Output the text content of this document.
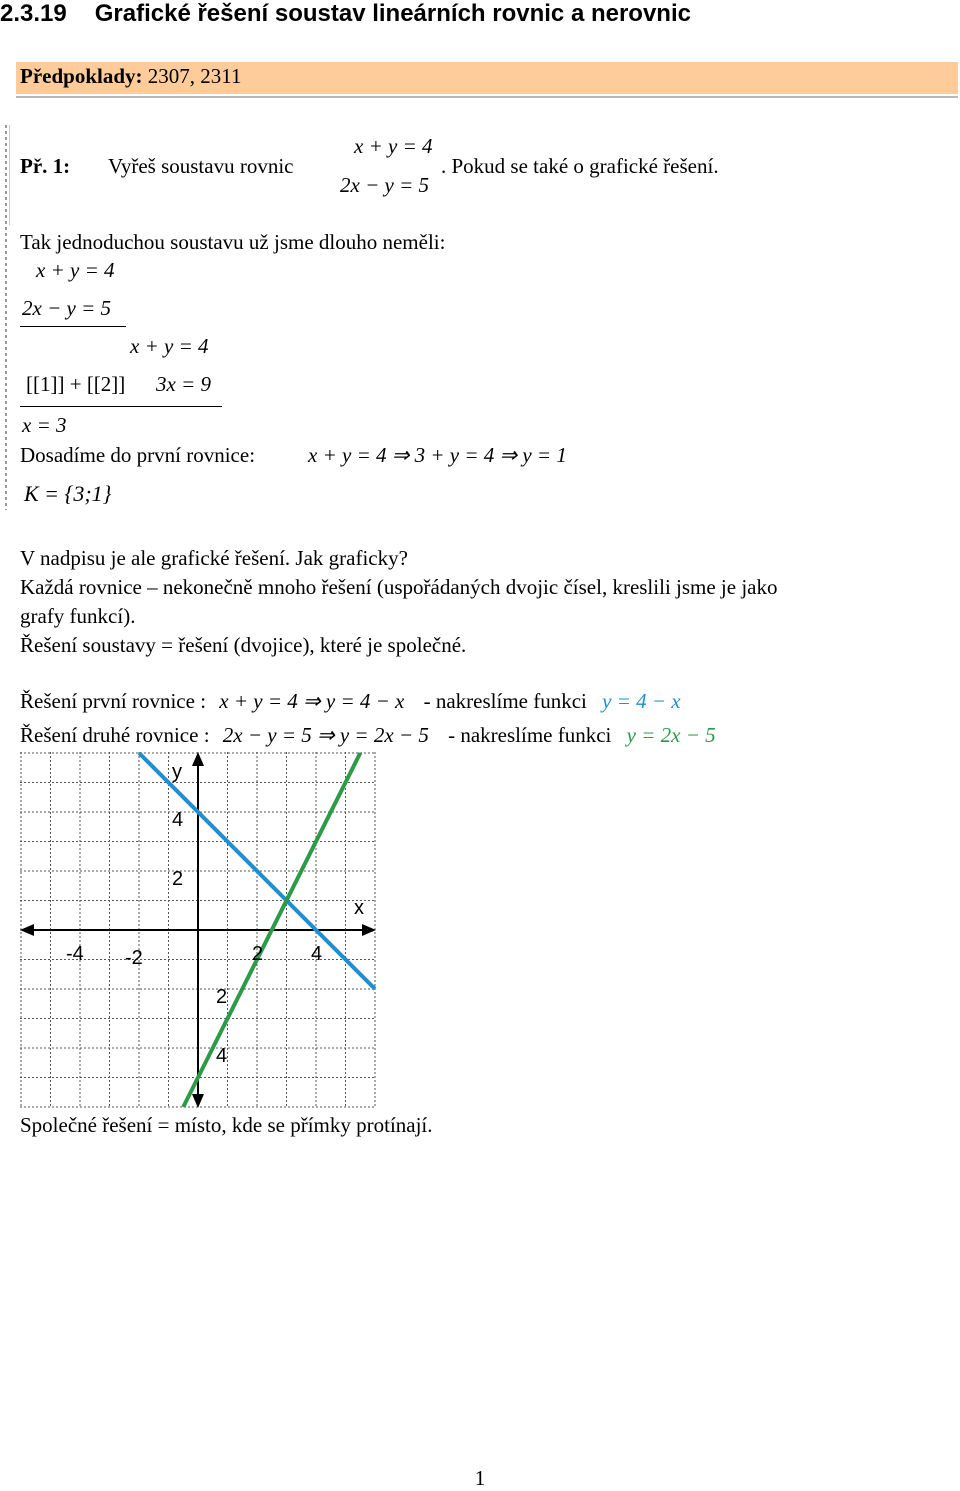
2.3.19 Grafické řešení soustav lineárních rovnic a nerovnic
Předpoklady: 2307, 2311
Př. 1: Vyřeš soustavu rovnic
x + y = 4
2x − y = 5
. Pokud se také o grafické řešení.
Tak jednoduchou soustavu už jsme dlouho neměli:
x + y = 4
2x − y = 5
x + y = 4
[[1]] + [[2]] 3x = 9
x = 3
Dosadíme do první rovnice:	x + y = 4 ⇒ 3 + y = 4 ⇒ y = 1
K = {3;1}
V nadpisu je ale grafické řešení. Jak graficky?
Každá rovnice – nekonečně mnoho řešení (uspořádaných dvojic čísel, kreslili jsme je jako
grafy funkcí).
Řešení soustavy = řešení (dvojice), které je společné.
Řešení první rovnice : x + y = 4 ⇒ y = 4 − x - nakreslíme funkci y = 4 − x
Řešení druhé rovnice : 2x − y = 5 ⇒ y = 2x − 5 - nakreslíme funkci y = 2x − 5
-4 -2	2 4
4
2
2
4
x
y
Společné řešení = místo, kde se přímky protínají.
1
